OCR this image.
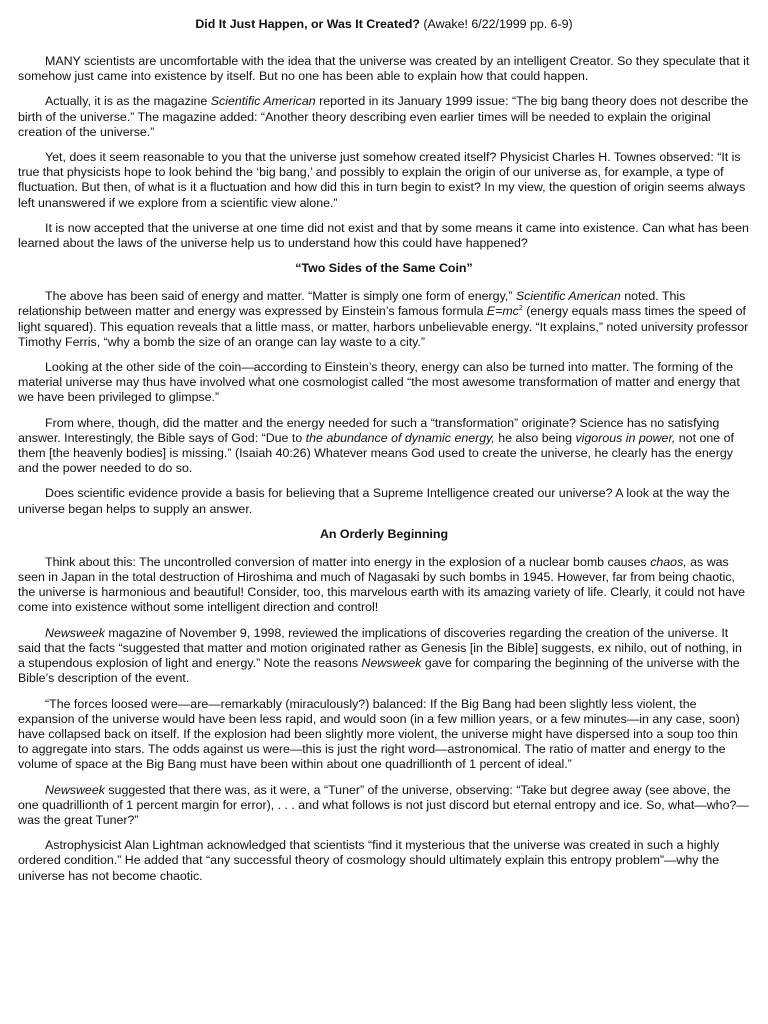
Did It Just Happen, or Was It Created? (Awake! 6/22/1999 pp. 6-9)

MANY scientists are uncomfortable with the idea that the universe was created by an intelligent Creator. So they speculate that it somehow just came into existence by itself. But no one has been able to explain how that could happen.

Actually, it is as the magazine Scientific American reported in its January 1999 issue: “The big bang theory does not describe the birth of the universe.” The magazine added: “Another theory describing even earlier times will be needed to explain the original creation of the universe.”

Yet, does it seem reasonable to you that the universe just somehow created itself? Physicist Charles H. Townes observed: “It is true that physicists hope to look behind the ‘big bang,’ and possibly to explain the origin of our universe as, for example, a type of fluctuation. But then, of what is it a fluctuation and how did this in turn begin to exist? In my view, the question of origin seems always left unanswered if we explore from a scientific view alone.”

It is now accepted that the universe at one time did not exist and that by some means it came into existence. Can what has been learned about the laws of the universe help us to understand how this could have happened?

“Two Sides of the Same Coin”

The above has been said of energy and matter. “Matter is simply one form of energy,” Scientific American noted. This relationship between matter and energy was expressed by Einstein’s famous formula $E=mc^2$ (energy equals mass times the speed of light squared). This equation reveals that a little mass, or matter, harbors unbelievable energy. “It explains,” noted university professor Timothy Ferris, “why a bomb the size of an orange can lay waste to a city.”

Looking at the other side of the coin—according to Einstein’s theory, energy can also be turned into matter. The forming of the material universe may thus have involved what one cosmologist called “the most awesome transformation of matter and energy that we have been privileged to glimpse.”

From where, though, did the matter and the energy needed for such a “transformation” originate? Science has no satisfying answer. Interestingly, the Bible says of God: “Due to the abundance of dynamic energy, he also being vigorous in power, not one of them [the heavenly bodies] is missing.” (Isaiah 40:26) Whatever means God used to create the universe, he clearly has the energy and the power needed to do so.

Does scientific evidence provide a basis for believing that a Supreme Intelligence created our universe? A look at the way the universe began helps to supply an answer.

An Orderly Beginning

Think about this: The uncontrolled conversion of matter into energy in the explosion of a nuclear bomb causes chaos, as was seen in Japan in the total destruction of Hiroshima and much of Nagasaki by such bombs in 1945. However, far from being chaotic, the universe is harmonious and beautiful! Consider, too, this marvelous earth with its amazing variety of life. Clearly, it could not have come into existence without some intelligent direction and control!

Newsweek magazine of November 9, 1998, reviewed the implications of discoveries regarding the creation of the universe. It said that the facts “suggested that matter and motion originated rather as Genesis [in the Bible] suggests, ex nihilo, out of nothing, in a stupendous explosion of light and energy.” Note the reasons Newsweek gave for comparing the beginning of the universe with the Bible’s description of the event.

“The forces loosed were—are—remarkably (miraculously?) balanced: If the Big Bang had been slightly less violent, the expansion of the universe would have been less rapid, and would soon (in a few million years, or a few minutes—in any case, soon) have collapsed back on itself. If the explosion had been slightly more violent, the universe might have dispersed into a soup too thin to aggregate into stars. The odds against us were—this is just the right word—astronomical. The ratio of matter and energy to the volume of space at the Big Bang must have been within about one quadrillionth of 1 percent of ideal.”

Newsweek suggested that there was, as it were, a “Tuner” of the universe, observing: “Take but degree away (see above, the one quadrillionth of 1 percent margin for error), . . . and what follows is not just discord but eternal entropy and ice. So, what—who?—was the great Tuner?”

Astrophysicist Alan Lightman acknowledged that scientists “find it mysterious that the universe was created in such a highly ordered condition.” He added that “any successful theory of cosmology should ultimately explain this entropy problem”—why the universe has not become chaotic.
